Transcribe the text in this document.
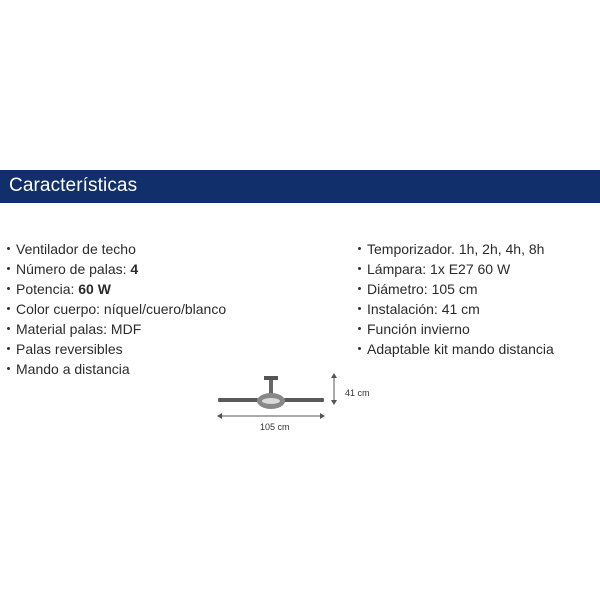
Características
Ventilador de techo
Número de palas: 4
Potencia: 60 W
Color cuerpo: níquel/cuero/blanco
Material palas: MDF
Palas reversibles
Mando a distancia
Temporizador. 1h, 2h, 4h, 8h
Lámpara: 1x E27 60 W
Diámetro: 105 cm
Instalación: 41 cm
Función invierno
Adaptable kit mando distancia
41 cm
105 cm
